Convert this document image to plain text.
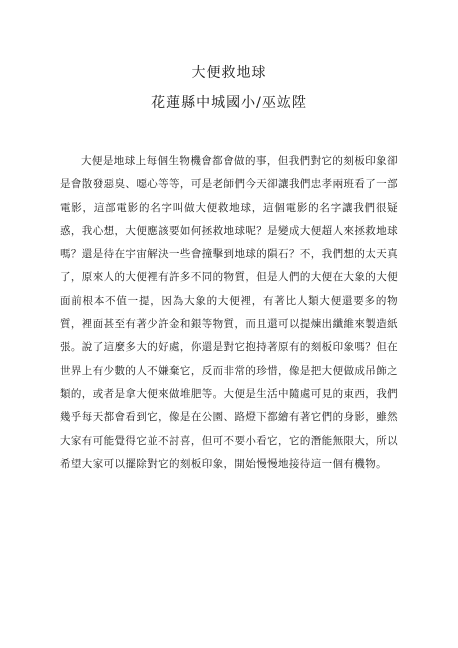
大便救地球
花蓮縣中城國小/巫竑陞

大便是地球上每個生物機會都會做的事，但我們對它的刻板印象卻是會散發惡臭、噁心等等，可是老師們今天卻讓我們忠孝兩班看了一部電影，這部電影的名字叫做大便救地球，這個電影的名字讓我們很疑惑，我心想，大便應該要如何拯救地球呢？是變成大便超人來拯救地球嗎？還是待在宇宙解決一些會撞擊到地球的隕石？不，我們想的太天真了，原來人的大便裡有許多不同的物質，但是人們的大便在大象的大便面前根本不值一提，因為大象的大便裡，有著比人類大便還要多的物質，裡面甚至有著少許金和銀等物質，而且還可以提煉出纖維來製造紙張。說了這麼多大的好處，你還是對它抱持著原有的刻板印象嗎？但在世界上有少數的人不嫌棄它，反而非常的珍惜，像是把大便做成吊飾之類的，或者是拿大便來做堆肥等。大便是生活中隨處可見的東西，我們幾乎每天都會看到它，像是在公園、路燈下都繪有著它們的身影，雖然大家有可能覺得它並不討喜，但可不要小看它，它的潛能無限大，所以希望大家可以擺除對它的刻板印象，開始慢慢地接待這一個有機物。
